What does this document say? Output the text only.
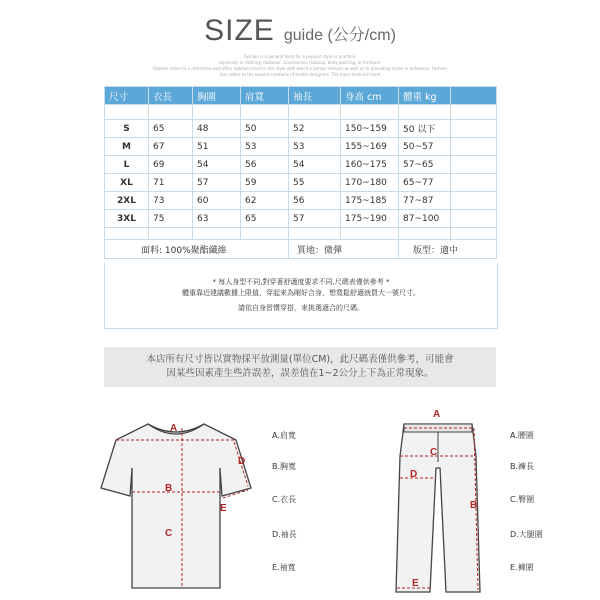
SIZE guide (公分/cm)
Fashion is a general term for a popular style or practice,
especially in clothing, footwear, accessories, makeup, body piercing, or furniture.
Fashion refers to a distinctive and often habitual trend in the style with which a person dresses as well as to prevailing styles in behaviour. Fashion
also refers to the newest creations of textile designers. The more technical term
尺寸	衣長	胸圍	肩寬	袖長	身高 cm	體重 kg	

S	65	48	50	52	150~159	50 以下	
M	67	51	53	53	155~169	50~57	
L	69	54	56	54	160~175	57~65	
XL	71	57	59	55	170~180	65~77	
2XL	73	60	62	56	175~185	77~87	
3XL	75	63	65	57	175~190	87~100	

面料: 100%聚酯纖維				質地：微彈		版型：適中	
* 每人身型不同,對穿著舒適度要求不同,尺碼表僅供參考 *
體重靠近建議數據上限值，穿起來為剛好合身，想寬鬆舒適就買大一號尺寸。
請依自身習慣穿搭，來挑選適合的尺碼。
本店所有尺寸皆以實物採平放測量(單位CM)，此尺碼表僅供參考，可能會
因某些因素產生些許誤差，誤差值在1~2公分上下為正常現象。
A
B
C
D
E
A.肩寬
B.胸寬
C.衣長
D.袖長
E.袖寬
A
B
C
D
E
A.腰圍
B.褲長
C.臀圍
D.大腿圍
E.褲圍
